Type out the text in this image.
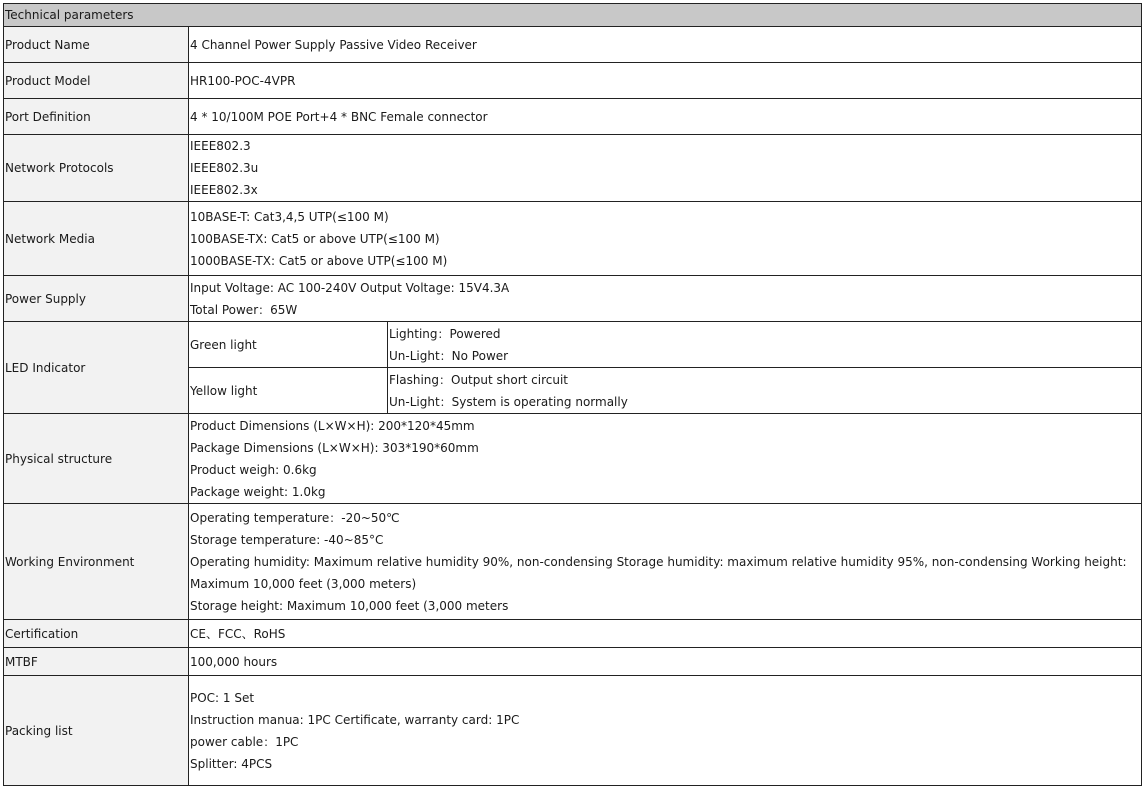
Technical parameters		
Product Name	4 Channel Power Supply Passive Video Receiver	
Product Model	HR100-POC-4VPR	
Port Definition	4 * 10/100M POE Port+4 * BNC Female connector	
Network Protocols	IEEE802.3
IEEE802.3u
IEEE802.3x	

Network Media	10BASE-T: Cat3,4,5 UTP(≤100 M)
100BASE-TX: Cat5 or above UTP(≤100 M)
1000BASE-TX: Cat5 or above UTP(≤100 M)	

Power Supply	Input Voltage: AC 100-240V Output Voltage: 15V4.3A
Total Power：65W	

LED Indicator	Green light	Lighting：Powered
Un-Light：No Power

	Yellow light	Flashing：Output short circuit
Un-Light：System is operating normally

Physical structure	Product Dimensions (L×W×H): 200*120*45mm
Package Dimensions (L×W×H): 303*190*60mm
Product weigh: 0.6kg
Package weight: 1.0kg	

Working Environment	Operating temperature：-20~50℃
Storage temperature: -40~85°C
Operating humidity: Maximum relative humidity 90%, non-condensing Storage humidity: maximum relative humidity 95%, non-condensing Working height: Maximum 10,000 feet (3,000 meters)
Storage height: Maximum 10,000 feet (3,000 meters	

Certification	CE、FCC、RoHS	
MTBF	100,000 hours	
Packing list	POC: 1 Set
Instruction manua: 1PC Certificate, warranty card: 1PC
power cable：1PC
Splitter: 4PCS	
